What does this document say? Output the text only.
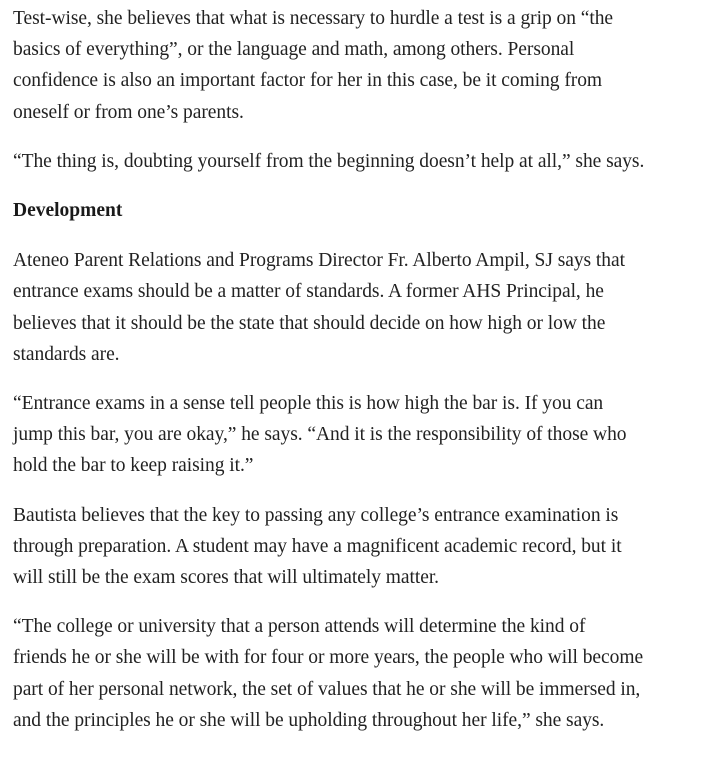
Test-wise, she believes that what is necessary to hurdle a test is a grip on “the
basics of everything”, or the language and math, among others. Personal
confidence is also an important factor for her in this case, be it coming from
oneself or from one’s parents.

“The thing is, doubting yourself from the beginning doesn’t help at all,” she says.

Development

Ateneo Parent Relations and Programs Director Fr. Alberto Ampil, SJ says that
entrance exams should be a matter of standards. A former AHS Principal, he
believes that it should be the state that should decide on how high or low the
standards are.

“Entrance exams in a sense tell people this is how high the bar is. If you can
jump this bar, you are okay,” he says. “And it is the responsibility of those who
hold the bar to keep raising it.”

Bautista believes that the key to passing any college’s entrance examination is
through preparation. A student may have a magnificent academic record, but it
will still be the exam scores that will ultimately matter.

“The college or university that a person attends will determine the kind of
friends he or she will be with for four or more years, the people who will become
part of her personal network, the set of values that he or she will be immersed in,
and the principles he or she will be upholding throughout her life,” she says.
